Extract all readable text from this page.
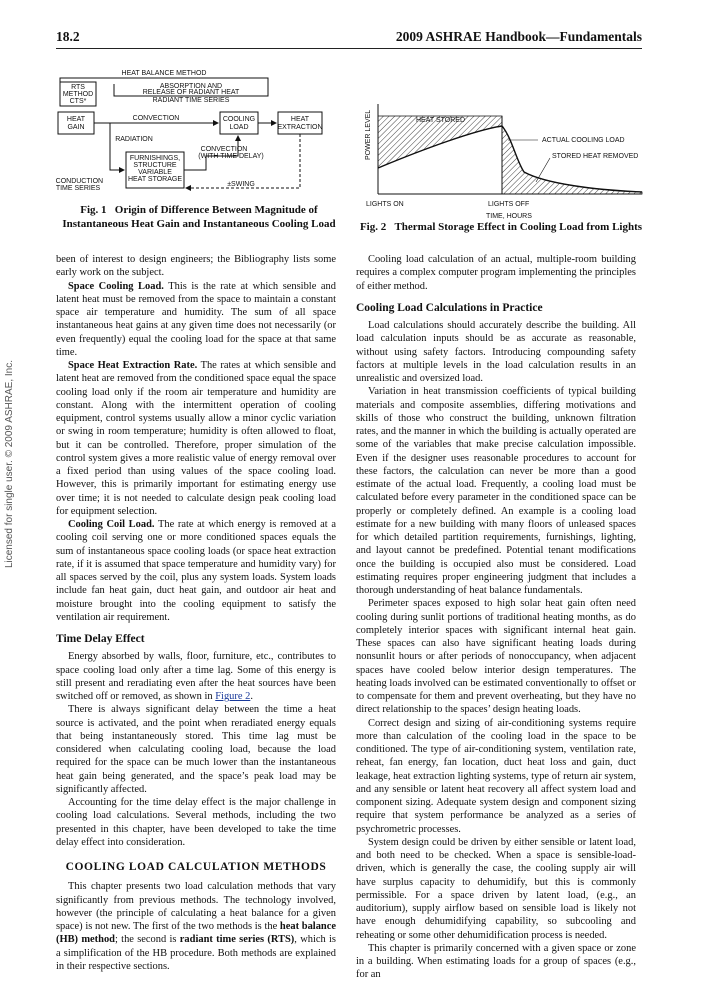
18.2	2009 ASHRAE Handbook—Fundamentals
Licensed for single user. © 2009 ASHRAE, Inc.
HEAT BALANCE METHOD
RTS
METHOD
CTS*
ABSORPTION AND
RELEASE OF RADIANT HEAT
RADIANT TIME SERIES
HEAT
GAIN
CONVECTION	COOLING
LOAD
HEAT
EXTRACTION
RADIATION
FURNISHINGS,
STRUCTURE
VARIABLE
HEAT STORAGE
CONVECTION
(WITH TIME DELAY)
*CONDUCTION
TIME SERIES
±SWING
Fig. 1   Origin of Difference Between Magnitude of
Instantaneous Heat Gain and Instantaneous Cooling Load
POWER LEVEL	HEAT STORED
ACTUAL COOLING LOAD
STORED HEAT REMOVED
LIGHTS ON	LIGHTS OFF
TIME, HOURS
Fig. 2   Thermal Storage Effect in Cooling Load from Lights

been of interest to design engineers; the Bibliography lists some early work on the subject.

Space Cooling Load. This is the rate at which sensible and latent heat must be removed from the space to maintain a constant space air temperature and humidity. The sum of all space instantaneous heat gains at any given time does not necessarily (or even frequently) equal the cooling load for the space at that same time.

Space Heat Extraction Rate. The rates at which sensible and latent heat are removed from the conditioned space equal the space cooling load only if the room air temperature and humidity are constant. Along with the intermittent operation of cooling equipment, control systems usually allow a minor cyclic variation or swing in room temperature; humidity is often allowed to float, but it can be controlled. Therefore, proper simulation of the control system gives a more realistic value of energy removal over a fixed period than using values of the space cooling load. However, this is primarily important for estimating energy use over time; it is not needed to calculate design peak cooling load for equipment selection.

Cooling Coil Load. The rate at which energy is removed at a cooling coil serving one or more conditioned spaces equals the sum of instantaneous space cooling loads (or space heat extraction rate, if it is assumed that space temperature and humidity vary) for all spaces served by the coil, plus any system loads. System loads include fan heat gain, duct heat gain, and outdoor air heat and moisture brought into the cooling equipment to satisfy the ventilation air requirement.

Time Delay Effect

Energy absorbed by walls, floor, furniture, etc., contributes to space cooling load only after a time lag. Some of this energy is still present and reradiating even after the heat sources have been switched off or removed, as shown in Figure 2.

There is always significant delay between the time a heat source is activated, and the point when reradiated energy equals that being instantaneously stored. This time lag must be considered when calculating cooling load, because the load required for the space can be much lower than the instantaneous heat gain being generated, and the space’s peak load may be significantly affected.

Accounting for the time delay effect is the major challenge in cooling load calculations. Several methods, including the two presented in this chapter, have been developed to take the time delay effect into consideration.

COOLING LOAD CALCULATION METHODS

This chapter presents two load calculation methods that vary significantly from previous methods. The technology involved, however (the principle of calculating a heat balance for a given space) is not new. The first of the two methods is the heat balance (HB) method; the second is radiant time series (RTS), which is a simplification of the HB procedure. Both methods are explained in their respective sections.

Cooling load calculation of an actual, multiple-room building requires a complex computer program implementing the principles of either method.

Cooling Load Calculations in Practice

Load calculations should accurately describe the building. All load calculation inputs should be as accurate as reasonable, without using safety factors. Introducing compounding safety factors at multiple levels in the load calculation results in an unrealistic and oversized load.

Variation in heat transmission coefficients of typical building materials and composite assemblies, differing motivations and skills of those who construct the building, unknown filtration rates, and the manner in which the building is actually operated are some of the variables that make precise calculation impossible. Even if the designer uses reasonable procedures to account for these factors, the calculation can never be more than a good estimate of the actual load. Frequently, a cooling load must be calculated before every parameter in the conditioned space can be properly or completely defined. An example is a cooling load estimate for a new building with many floors of unleased spaces for which detailed partition requirements, furnishings, lighting, and layout cannot be predefined. Potential tenant modifications once the building is occupied also must be considered. Load estimating requires proper engineering judgment that includes a thorough understanding of heat balance fundamentals.

Perimeter spaces exposed to high solar heat gain often need cooling during sunlit portions of traditional heating months, as do completely interior spaces with significant internal heat gain. These spaces can also have significant heating loads during nonsunlit hours or after periods of nonoccupancy, when adjacent spaces have cooled below interior design temperatures. The heating loads involved can be estimated conventionally to offset or to compensate for them and prevent overheating, but they have no direct relationship to the spaces’ design heating loads.

Correct design and sizing of air-conditioning systems require more than calculation of the cooling load in the space to be conditioned. The type of air-conditioning system, ventilation rate, reheat, fan energy, fan location, duct heat loss and gain, duct leakage, heat extraction lighting systems, type of return air system, and any sensible or latent heat recovery all affect system load and component sizing. Adequate system design and component sizing require that system performance be analyzed as a series of psychrometric processes.

System design could be driven by either sensible or latent load, and both need to be checked. When a space is sensible-load-driven, which is generally the case, the cooling supply air will have surplus capacity to dehumidify, but this is commonly permissible. For a space driven by latent load, (e.g., an auditorium), supply airflow based on sensible load is likely not have enough dehumidifying capability, so subcooling and reheating or some other dehumidification process is needed.

This chapter is primarily concerned with a given space or zone in a building. When estimating loads for a group of spaces (e.g., for an
